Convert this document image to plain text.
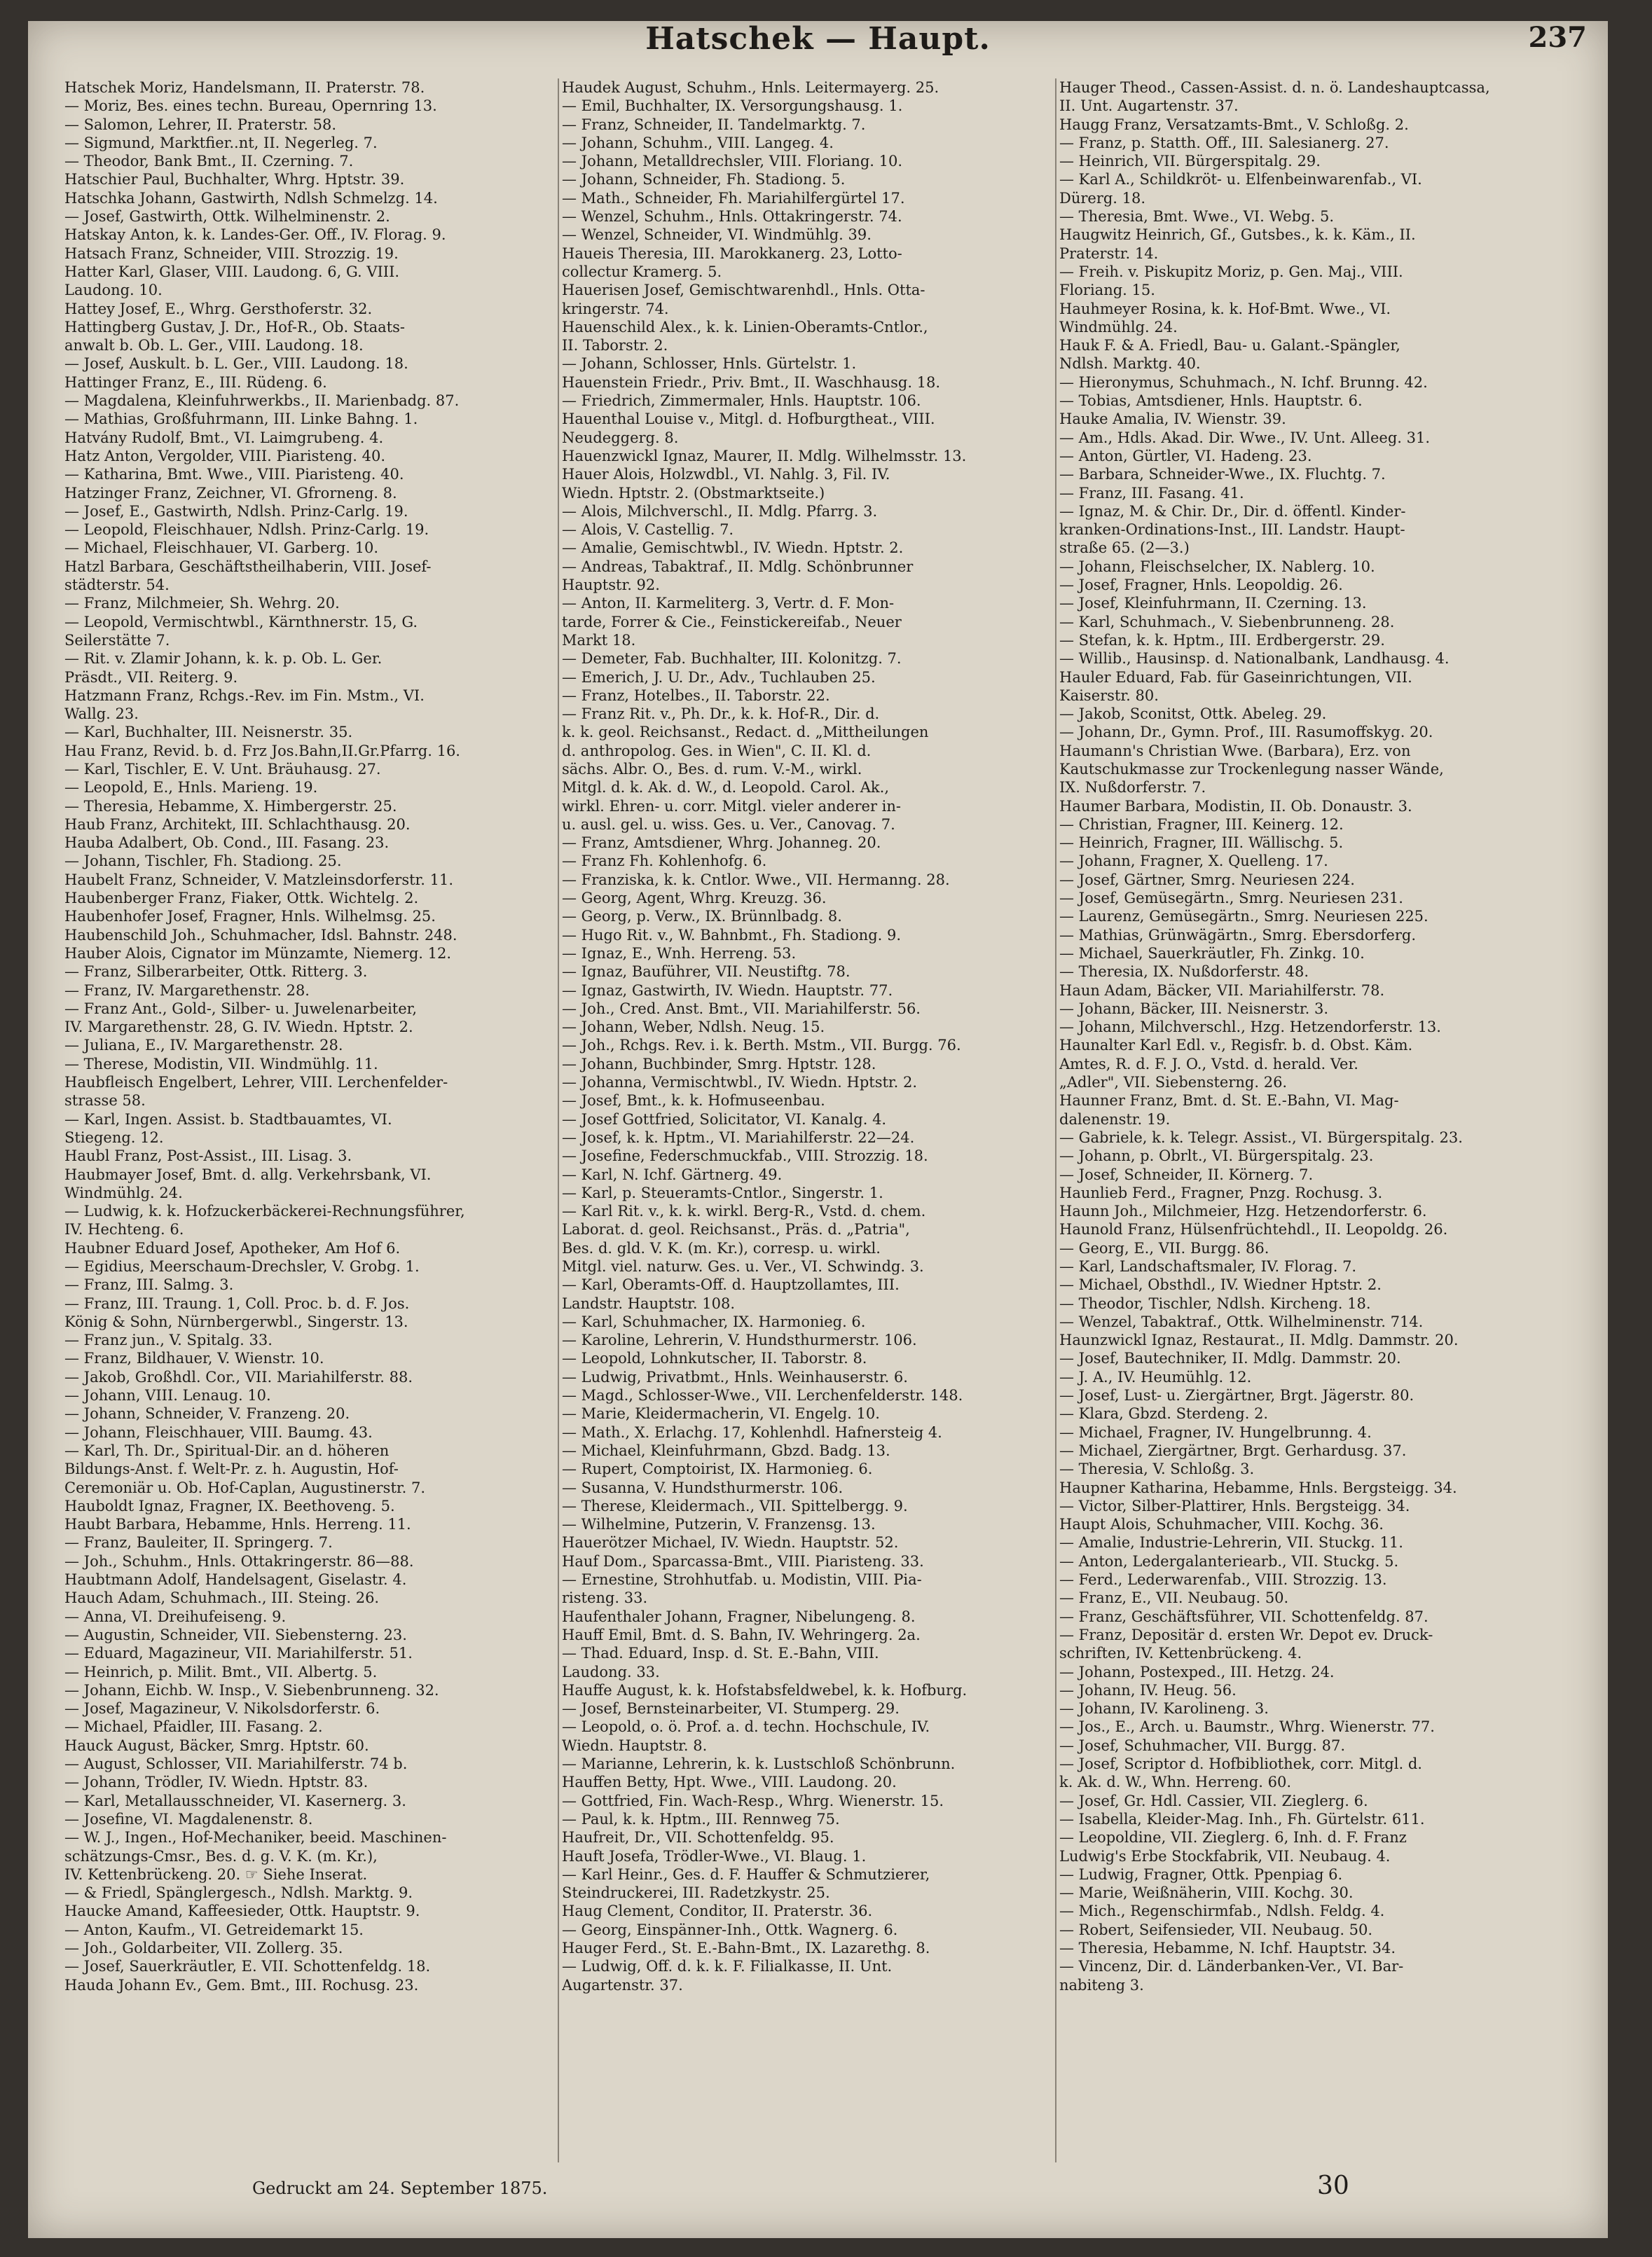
Hatschek — Haupt.	237
Hatschek Moriz, Handelsmann, II. Praterstr. 78.
— Moriz, Bes. eines techn. Bureau, Opernring 13.
— Salomon, Lehrer, II. Praterstr. 58.
— Sigmund, Marktfier..nt, II. Negerleg. 7.
— Theodor, Bank Bmt., II. Czerning. 7.
Hatschier Paul, Buchhalter, Whrg. Hptstr. 39.
Hatschka Johann, Gastwirth, Ndlsh Schmelzg. 14.
— Josef, Gastwirth, Ottk. Wilhelminenstr. 2.
Hatskay Anton, k. k. Landes-Ger. Off., IV. Florag. 9.
Hatsach Franz, Schneider, VIII. Strozzig. 19.
Hatter Karl, Glaser, VIII. Laudong. 6, G. VIII.
Laudong. 10.
Hattey Josef, E., Whrg. Gersthoferstr. 32.
Hattingberg Gustav, J. Dr., Hof-R., Ob. Staats-
anwalt b. Ob. L. Ger., VIII. Laudong. 18.
— Josef, Auskult. b. L. Ger., VIII. Laudong. 18.
Hattinger Franz, E., III. Rüdeng. 6.
— Magdalena, Kleinfuhrwerkbs., II. Marienbadg. 87.
— Mathias, Großfuhrmann, III. Linke Bahng. 1.
Hatvány Rudolf, Bmt., VI. Laimgrubeng. 4.
Hatz Anton, Vergolder, VIII. Piaristeng. 40.
— Katharina, Bmt. Wwe., VIII. Piaristeng. 40.
Hatzinger Franz, Zeichner, VI. Gfrorneng. 8.
— Josef, E., Gastwirth, Ndlsh. Prinz-Carlg. 19.
— Leopold, Fleischhauer, Ndlsh. Prinz-Carlg. 19.
— Michael, Fleischhauer, VI. Garberg. 10.
Hatzl Barbara, Geschäftstheilhaberin, VIII. Josef-
städterstr. 54.
— Franz, Milchmeier, Sh. Wehrg. 20.
— Leopold, Vermischtwbl., Kärnthnerstr. 15, G.
Seilerstätte 7.
— Rit. v. Zlamir Johann, k. k. p. Ob. L. Ger.
Präsdt., VII. Reiterg. 9.
Hatzmann Franz, Rchgs.-Rev. im Fin. Mstm., VI.
Wallg. 23.
— Karl, Buchhalter, III. Neisnerstr. 35.
Hau Franz, Revid. b. d. Frz Jos.Bahn,II.Gr.Pfarrg. 16.
— Karl, Tischler, E. V. Unt. Bräuhausg. 27.
— Leopold, E., Hnls. Marieng. 19.
— Theresia, Hebamme, X. Himbergerstr. 25.
Haub Franz, Architekt, III. Schlachthausg. 20.
Hauba Adalbert, Ob. Cond., III. Fasang. 23.
— Johann, Tischler, Fh. Stadiong. 25.
Haubelt Franz, Schneider, V. Matzleinsdorferstr. 11.
Haubenberger Franz, Fiaker, Ottk. Wichtelg. 2.
Haubenhofer Josef, Fragner, Hnls. Wilhelmsg. 25.
Haubenschild Joh., Schuhmacher, Idsl. Bahnstr. 248.
Hauber Alois, Cignator im Münzamte, Niemerg. 12.
— Franz, Silberarbeiter, Ottk. Ritterg. 3.
— Franz, IV. Margarethenstr. 28.
— Franz Ant., Gold-, Silber- u. Juwelenarbeiter,
IV. Margarethenstr. 28, G. IV. Wiedn. Hptstr. 2.
— Juliana, E., IV. Margarethenstr. 28.
— Therese, Modistin, VII. Windmühlg. 11.
Haubfleisch Engelbert, Lehrer, VIII. Lerchenfelder-
strasse 58.
— Karl, Ingen. Assist. b. Stadtbauamtes, VI.
Stiegeng. 12.
Haubl Franz, Post-Assist., III. Lisag. 3.
Haubmayer Josef, Bmt. d. allg. Verkehrsbank, VI.
Windmühlg. 24.
— Ludwig, k. k. Hofzuckerbäckerei-Rechnungsführer,
IV. Hechteng. 6.
Haubner Eduard Josef, Apotheker, Am Hof 6.
— Egidius, Meerschaum-Drechsler, V. Grobg. 1.
— Franz, III. Salmg. 3.
— Franz, III. Traung. 1, Coll. Proc. b. d. F. Jos.
König & Sohn, Nürnbergerwbl., Singerstr. 13.
— Franz jun., V. Spitalg. 33.
— Franz, Bildhauer, V. Wienstr. 10.
— Jakob, Großhdl. Cor., VII. Mariahilferstr. 88.
— Johann, VIII. Lenaug. 10.
— Johann, Schneider, V. Franzeng. 20.
— Johann, Fleischhauer, VIII. Baumg. 43.
— Karl, Th. Dr., Spiritual-Dir. an d. höheren
Bildungs-Anst. f. Welt-Pr. z. h. Augustin, Hof-
Ceremoniär u. Ob. Hof-Caplan, Augustinerstr. 7.
Hauboldt Ignaz, Fragner, IX. Beethoveng. 5.
Haubt Barbara, Hebamme, Hnls. Herreng. 11.
— Franz, Bauleiter, II. Springerg. 7.
— Joh., Schuhm., Hnls. Ottakringerstr. 86—88.
Haubtmann Adolf, Handelsagent, Giselastr. 4.
Hauch Adam, Schuhmach., III. Steing. 26.
— Anna, VI. Dreihufeiseng. 9.
— Augustin, Schneider, VII. Siebensterng. 23.
— Eduard, Magazineur, VII. Mariahilferstr. 51.
— Heinrich, p. Milit. Bmt., VII. Albertg. 5.
— Johann, Eichb. W. Insp., V. Siebenbrunneng. 32.
— Josef, Magazineur, V. Nikolsdorferstr. 6.
— Michael, Pfaidler, III. Fasang. 2.
Hauck August, Bäcker, Smrg. Hptstr. 60.
— August, Schlosser, VII. Mariahilferstr. 74 b.
— Johann, Trödler, IV. Wiedn. Hptstr. 83.
— Karl, Metallausschneider, VI. Kasernerg. 3.
— Josefine, VI. Magdalenenstr. 8.
— W. J., Ingen., Hof-Mechaniker, beeid. Maschinen-
schätzungs-Cmsr., Bes. d. g. V. K. (m. Kr.),
IV. Kettenbrückeng. 20. ☞ Siehe Inserat.
— & Friedl, Spänglergesch., Ndlsh. Marktg. 9.
Haucke Amand, Kaffeesieder, Ottk. Hauptstr. 9.
— Anton, Kaufm., VI. Getreidemarkt 15.
— Joh., Goldarbeiter, VII. Zollerg. 35.
— Josef, Sauerkräutler, E. VII. Schottenfeldg. 18.
Hauda Johann Ev., Gem. Bmt., III. Rochusg. 23.
Haudek August, Schuhm., Hnls. Leitermayerg. 25.
— Emil, Buchhalter, IX. Versorgungshausg. 1.
— Franz, Schneider, II. Tandelmarktg. 7.
— Johann, Schuhm., VIII. Langeg. 4.
— Johann, Metalldrechsler, VIII. Floriang. 10.
— Johann, Schneider, Fh. Stadiong. 5.
— Math., Schneider, Fh. Mariahilfergürtel 17.
— Wenzel, Schuhm., Hnls. Ottakringerstr. 74.
— Wenzel, Schneider, VI. Windmühlg. 39.
Haueis Theresia, III. Marokkanerg. 23, Lotto-
collectur Kramerg. 5.
Hauerisen Josef, Gemischtwarenhdl., Hnls. Otta-
kringerstr. 74.
Hauenschild Alex., k. k. Linien-Oberamts-Cntlor.,
II. Taborstr. 2.
— Johann, Schlosser, Hnls. Gürtelstr. 1.
Hauenstein Friedr., Priv. Bmt., II. Waschhausg. 18.
— Friedrich, Zimmermaler, Hnls. Hauptstr. 106.
Hauenthal Louise v., Mitgl. d. Hofburgtheat., VIII.
Neudeggerg. 8.
Hauenzwickl Ignaz, Maurer, II. Mdlg. Wilhelmsstr. 13.
Hauer Alois, Holzwdbl., VI. Nahlg. 3, Fil. IV.
Wiedn. Hptstr. 2. (Obstmarktseite.)
— Alois, Milchverschl., II. Mdlg. Pfarrg. 3.
— Alois, V. Castellig. 7.
— Amalie, Gemischtwbl., IV. Wiedn. Hptstr. 2.
— Andreas, Tabaktraf., II. Mdlg. Schönbrunner
Hauptstr. 92.
— Anton, II. Karmeliterg. 3, Vertr. d. F. Mon-
tarde, Forrer & Cie., Feinstickereifab., Neuer
Markt 18.
— Demeter, Fab. Buchhalter, III. Kolonitzg. 7.
— Emerich, J. U. Dr., Adv., Tuchlauben 25.
— Franz, Hotelbes., II. Taborstr. 22.
— Franz Rit. v., Ph. Dr., k. k. Hof-R., Dir. d.
k. k. geol. Reichsanst., Redact. d. „Mittheilungen
d. anthropolog. Ges. in Wien", C. II. Kl. d.
sächs. Albr. O., Bes. d. rum. V.-M., wirkl.
Mitgl. d. k. Ak. d. W., d. Leopold. Carol. Ak.,
wirkl. Ehren- u. corr. Mitgl. vieler anderer in-
u. ausl. gel. u. wiss. Ges. u. Ver., Canovag. 7.
— Franz, Amtsdiener, Whrg. Johanneg. 20.
— Franz Fh. Kohlenhofg. 6.
— Franziska, k. k. Cntlor. Wwe., VII. Hermanng. 28.
— Georg, Agent, Whrg. Kreuzg. 36.
— Georg, p. Verw., IX. Brünnlbadg. 8.
— Hugo Rit. v., W. Bahnbmt., Fh. Stadiong. 9.
— Ignaz, E., Wnh. Herreng. 53.
— Ignaz, Bauführer, VII. Neustiftg. 78.
— Ignaz, Gastwirth, IV. Wiedn. Hauptstr. 77.
— Joh., Cred. Anst. Bmt., VII. Mariahilferstr. 56.
— Johann, Weber, Ndlsh. Neug. 15.
— Joh., Rchgs. Rev. i. k. Berth. Mstm., VII. Burgg. 76.
— Johann, Buchbinder, Smrg. Hptstr. 128.
— Johanna, Vermischtwbl., IV. Wiedn. Hptstr. 2.
— Josef, Bmt., k. k. Hofmuseenbau.
— Josef Gottfried, Solicitator, VI. Kanalg. 4.
— Josef, k. k. Hptm., VI. Mariahilferstr. 22—24.
— Josefine, Federschmuckfab., VIII. Strozzig. 18.
— Karl, N. Ichf. Gärtnerg. 49.
— Karl, p. Steueramts-Cntlor., Singerstr. 1.
— Karl Rit. v., k. k. wirkl. Berg-R., Vstd. d. chem.
Laborat. d. geol. Reichsanst., Präs. d. „Patria",
Bes. d. gld. V. K. (m. Kr.), corresp. u. wirkl.
Mitgl. viel. naturw. Ges. u. Ver., VI. Schwindg. 3.
— Karl, Oberamts-Off. d. Hauptzollamtes, III.
Landstr. Hauptstr. 108.
— Karl, Schuhmacher, IX. Harmonieg. 6.
— Karoline, Lehrerin, V. Hundsthurmerstr. 106.
— Leopold, Lohnkutscher, II. Taborstr. 8.
— Ludwig, Privatbmt., Hnls. Weinhauserstr. 6.
— Magd., Schlosser-Wwe., VII. Lerchenfelderstr. 148.
— Marie, Kleidermacherin, VI. Engelg. 10.
— Math., X. Erlachg. 17, Kohlenhdl. Hafnersteig 4.
— Michael, Kleinfuhrmann, Gbzd. Badg. 13.
— Rupert, Comptoirist, IX. Harmonieg. 6.
— Susanna, V. Hundsthurmerstr. 106.
— Therese, Kleidermach., VII. Spittelbergg. 9.
— Wilhelmine, Putzerin, V. Franzensg. 13.
Hauerötzer Michael, IV. Wiedn. Hauptstr. 52.
Hauf Dom., Sparcassa-Bmt., VIII. Piaristeng. 33.
— Ernestine, Strohhutfab. u. Modistin, VIII. Pia-
risteng. 33.
Haufenthaler Johann, Fragner, Nibelungeng. 8.
Hauff Emil, Bmt. d. S. Bahn, IV. Wehringerg. 2a.
— Thad. Eduard, Insp. d. St. E.-Bahn, VIII.
Laudong. 33.
Hauffe August, k. k. Hofstabsfeldwebel, k. k. Hofburg.
— Josef, Bernsteinarbeiter, VI. Stumperg. 29.
— Leopold, o. ö. Prof. a. d. techn. Hochschule, IV.
Wiedn. Hauptstr. 8.
— Marianne, Lehrerin, k. k. Lustschloß Schönbrunn.
Hauffen Betty, Hpt. Wwe., VIII. Laudong. 20.
— Gottfried, Fin. Wach-Resp., Whrg. Wienerstr. 15.
— Paul, k. k. Hptm., III. Rennweg 75.
Haufreit, Dr., VII. Schottenfeldg. 95.
Hauft Josefa, Trödler-Wwe., VI. Blaug. 1.
— Karl Heinr., Ges. d. F. Hauffer & Schmutzierer,
Steindruckerei, III. Radetzkystr. 25.
Haug Clement, Conditor, II. Praterstr. 36.
— Georg, Einspänner-Inh., Ottk. Wagnerg. 6.
Hauger Ferd., St. E.-Bahn-Bmt., IX. Lazarethg. 8.
— Ludwig, Off. d. k. k. F. Filialkasse, II. Unt.
Augartenstr. 37.
Hauger Theod., Cassen-Assist. d. n. ö. Landeshauptcassa,
II. Unt. Augartenstr. 37.
Haugg Franz, Versatzamts-Bmt., V. Schloßg. 2.
— Franz, p. Statth. Off., III. Salesianerg. 27.
— Heinrich, VII. Bürgerspitalg. 29.
— Karl A., Schildkröt- u. Elfenbeinwarenfab., VI.
Dürerg. 18.
— Theresia, Bmt. Wwe., VI. Webg. 5.
Haugwitz Heinrich, Gf., Gutsbes., k. k. Käm., II.
Praterstr. 14.
— Freih. v. Piskupitz Moriz, p. Gen. Maj., VIII.
Floriang. 15.
Hauhmeyer Rosina, k. k. Hof-Bmt. Wwe., VI.
Windmühlg. 24.
Hauk F. & A. Friedl, Bau- u. Galant.-Spängler,
Ndlsh. Marktg. 40.
— Hieronymus, Schuhmach., N. Ichf. Brunng. 42.
— Tobias, Amtsdiener, Hnls. Hauptstr. 6.
Hauke Amalia, IV. Wienstr. 39.
— Am., Hdls. Akad. Dir. Wwe., IV. Unt. Alleeg. 31.
— Anton, Gürtler, VI. Hadeng. 23.
— Barbara, Schneider-Wwe., IX. Fluchtg. 7.
— Franz, III. Fasang. 41.
— Ignaz, M. & Chir. Dr., Dir. d. öffentl. Kinder-
kranken-Ordinations-Inst., III. Landstr. Haupt-
straße 65. (2—3.)
— Johann, Fleischselcher, IX. Nablerg. 10.
— Josef, Fragner, Hnls. Leopoldig. 26.
— Josef, Kleinfuhrmann, II. Czerning. 13.
— Karl, Schuhmach., V. Siebenbrunneng. 28.
— Stefan, k. k. Hptm., III. Erdbergerstr. 29.
— Willib., Hausinsp. d. Nationalbank, Landhausg. 4.
Hauler Eduard, Fab. für Gaseinrichtungen, VII.
Kaiserstr. 80.
— Jakob, Sconitst, Ottk. Abeleg. 29.
— Johann, Dr., Gymn. Prof., III. Rasumoffskyg. 20.
Haumann's Christian Wwe. (Barbara), Erz. von
Kautschukmasse zur Trockenlegung nasser Wände,
IX. Nußdorferstr. 7.
Haumer Barbara, Modistin, II. Ob. Donaustr. 3.
— Christian, Fragner, III. Keinerg. 12.
— Heinrich, Fragner, III. Wällischg. 5.
— Johann, Fragner, X. Quelleng. 17.
— Josef, Gärtner, Smrg. Neuriesen 224.
— Josef, Gemüsegärtn., Smrg. Neuriesen 231.
— Laurenz, Gemüsegärtn., Smrg. Neuriesen 225.
— Mathias, Grünwägärtn., Smrg. Ebersdorferg.
— Michael, Sauerkräutler, Fh. Zinkg. 10.
— Theresia, IX. Nußdorferstr. 48.
Haun Adam, Bäcker, VII. Mariahilferstr. 78.
— Johann, Bäcker, III. Neisnerstr. 3.
— Johann, Milchverschl., Hzg. Hetzendorferstr. 13.
Haunalter Karl Edl. v., Regisfr. b. d. Obst. Käm.
Amtes, R. d. F. J. O., Vstd. d. herald. Ver.
„Adler", VII. Siebensterng. 26.
Haunner Franz, Bmt. d. St. E.-Bahn, VI. Mag-
dalenenstr. 19.
— Gabriele, k. k. Telegr. Assist., VI. Bürgerspitalg. 23.
— Johann, p. Obrlt., VI. Bürgerspitalg. 23.
— Josef, Schneider, II. Körnerg. 7.
Haunlieb Ferd., Fragner, Pnzg. Rochusg. 3.
Haunn Joh., Milchmeier, Hzg. Hetzendorferstr. 6.
Haunold Franz, Hülsenfrüchtehdl., II. Leopoldg. 26.
— Georg, E., VII. Burgg. 86.
— Karl, Landschaftsmaler, IV. Florag. 7.
— Michael, Obsthdl., IV. Wiedner Hptstr. 2.
— Theodor, Tischler, Ndlsh. Kircheng. 18.
— Wenzel, Tabaktraf., Ottk. Wilhelminenstr. 714.
Haunzwickl Ignaz, Restaurat., II. Mdlg. Dammstr. 20.
— Josef, Bautechniker, II. Mdlg. Dammstr. 20.
— J. A., IV. Heumühlg. 12.
— Josef, Lust- u. Ziergärtner, Brgt. Jägerstr. 80.
— Klara, Gbzd. Sterdeng. 2.
— Michael, Fragner, IV. Hungelbrunng. 4.
— Michael, Ziergärtner, Brgt. Gerhardusg. 37.
— Theresia, V. Schloßg. 3.
Haupner Katharina, Hebamme, Hnls. Bergsteigg. 34.
— Victor, Silber-Plattirer, Hnls. Bergsteigg. 34.
Haupt Alois, Schuhmacher, VIII. Kochg. 36.
— Amalie, Industrie-Lehrerin, VII. Stuckg. 11.
— Anton, Ledergalanteriearb., VII. Stuckg. 5.
— Ferd., Lederwarenfab., VIII. Strozzig. 13.
— Franz, E., VII. Neubaug. 50.
— Franz, Geschäftsführer, VII. Schottenfeldg. 87.
— Franz, Depositär d. ersten Wr. Depot ev. Druck-
schriften, IV. Kettenbrückeng. 4.
— Johann, Postexped., III. Hetzg. 24.
— Johann, IV. Heug. 56.
— Johann, IV. Karolineng. 3.
— Jos., E., Arch. u. Baumstr., Whrg. Wienerstr. 77.
— Josef, Schuhmacher, VII. Burgg. 87.
— Josef, Scriptor d. Hofbibliothek, corr. Mitgl. d.
k. Ak. d. W., Whn. Herreng. 60.
— Josef, Gr. Hdl. Cassier, VII. Zieglerg. 6.
— Isabella, Kleider-Mag. Inh., Fh. Gürtelstr. 611.
— Leopoldine, VII. Zieglerg. 6, Inh. d. F. Franz
Ludwig's Erbe Stockfabrik, VII. Neubaug. 4.
— Ludwig, Fragner, Ottk. Ppenpiag 6.
— Marie, Weißnäherin, VIII. Kochg. 30.
— Mich., Regenschirmfab., Ndlsh. Feldg. 4.
— Robert, Seifensieder, VII. Neubaug. 50.
— Theresia, Hebamme, N. Ichf. Hauptstr. 34.
— Vincenz, Dir. d. Länderbanken-Ver., VI. Bar-
nabiteng 3.
Gedruckt am 24. September 1875.	30
